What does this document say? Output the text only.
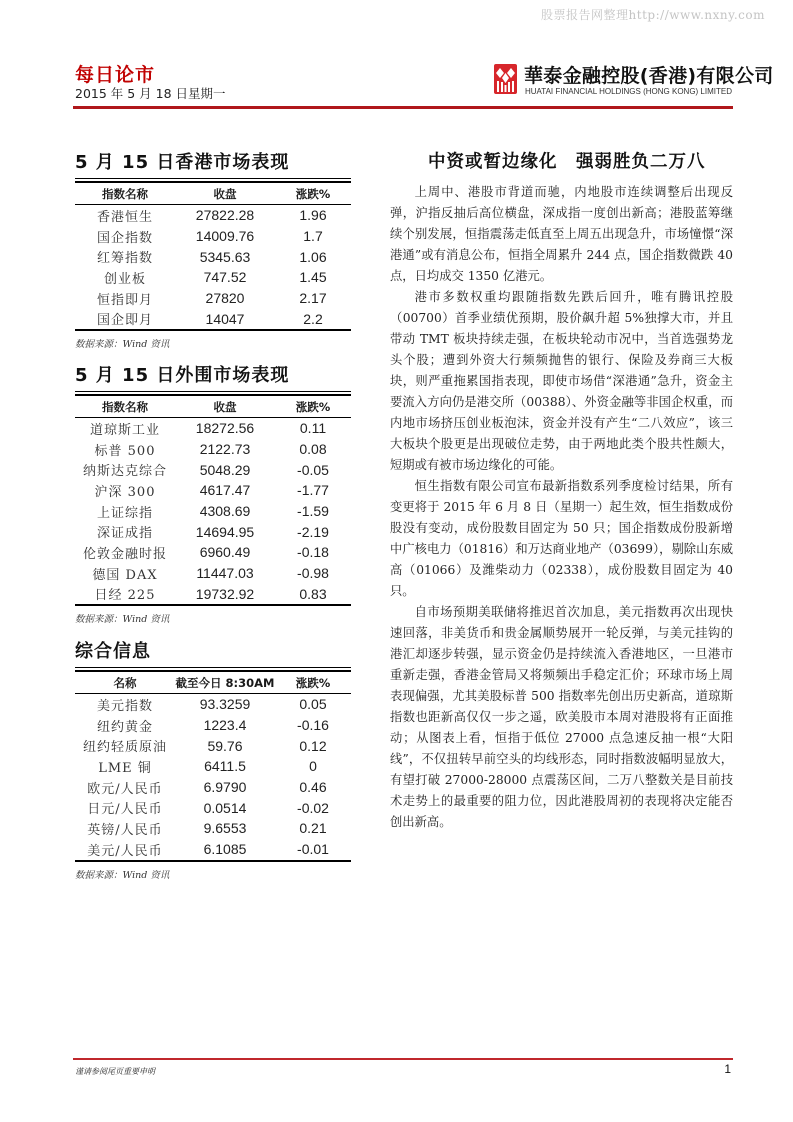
股票报告网整理http://www.nxny.com
每日论市
2015 年 5 月 18 日星期一
華泰金融控股(香港)有限公司
HUATAI FINANCIAL HOLDINGS (HONG KONG) LIMITED
5 月 15 日香港市场表现
指数名称	收盘	涨跌%
香港恒生	27822.28	1.96
国企指数	14009.76	1.7
红筹指数	5345.63	1.06
创业板	747.52	1.45
恒指即月	27820	2.17
国企即月	14047	2.2
数据来源：Wind 资讯
5 月 15 日外围市场表现
指数名称	收盘	涨跌%
道琼斯工业	18272.56	0.11
标普 500	2122.73	0.08
纳斯达克综合	5048.29	-0.05
沪深 300	4617.47	-1.77
上证综指	4308.69	-1.59
深证成指	14694.95	-2.19
伦敦金融时报	6960.49	-0.18
德国 DAX	11447.03	-0.98
日经 225	19732.92	0.83
数据来源：Wind 资讯
综合信息
名称	截至今日 8:30AM	涨跌%
美元指数	93.3259	0.05
纽约黄金	1223.4	-0.16
纽约轻质原油	59.76	0.12
LME 铜	6411.5	0
欧元/人民币	6.9790	0.46
日元/人民币	0.0514	-0.02
英镑/人民币	9.6553	0.21
美元/人民币	6.1085	-0.01
数据来源：Wind 资讯
中资或暂边缘化　强弱胜负二万八

上周中、港股市背道而驰，内地股市连续调整后出现反弹，沪指反抽后高位横盘，深成指一度创出新高；港股蓝筹继续个别发展，恒指震荡走低直至上周五出现急升，市场憧憬“深港通”或有消息公布，恒指全周累升 244 点，国企指数微跌 40 点，日均成交 1350 亿港元。

港市多数权重均跟随指数先跌后回升，唯有腾讯控股（00700）首季业绩优预期，股价飙升超 5%独撑大市，并且带动 TMT 板块持续走强，在板块轮动市况中，当首选强势龙头个股；遭到外资大行频频抛售的银行、保险及券商三大板块，则严重拖累国指表现，即使市场借“深港通”急升，资金主要流入方向仍是港交所（00388）、外资金融等非国企权重，而内地市场挤压创业板泡沫，资金并没有产生“二八效应”，该三大板块个股更是出现破位走势，由于两地此类个股共性颇大，短期或有被市场边缘化的可能。

恒生指数有限公司宣布最新指数系列季度检讨结果，所有变更将于 2015 年 6 月 8 日（星期一）起生效，恒生指数成份股没有变动，成份股数目固定为 50 只；国企指数成份股新增中广核电力（01816）和万达商业地产（03699），剔除山东威高（01066）及潍柴动力（02338），成份股数目固定为 40 只。

自市场预期美联储将推迟首次加息，美元指数再次出现快速回落，非美货币和贵金属顺势展开一轮反弹，与美元挂钩的港汇却逐步转强，显示资金仍是持续流入香港地区，一旦港市重新走强，香港金管局又将频频出手稳定汇价；环球市场上周表现偏强，尤其美股标普 500 指数率先创出历史新高，道琼斯指数也距新高仅仅一步之遥，欧美股市本周对港股将有正面推动；从图表上看，恒指于低位 27000 点急速反抽一根“大阳线”，不仅扭转早前空头的均线形态，同时指数波幅明显放大，有望打破 27000-28000 点震荡区间，二万八整数关是目前技术走势上的最重要的阻力位，因此港股周初的表现将决定能否创出新高。

谨请参阅尾页重要申明	1
